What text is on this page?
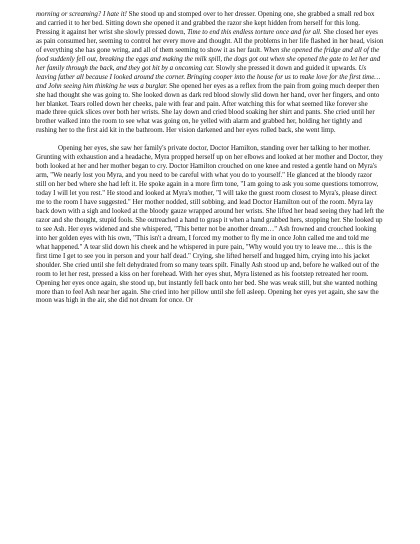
morning or screaming? I hate it! She stood up and stomped over to her dresser. Opening one, she grabbed a small red box and carried it to her bed. Sitting down she opened it and grabbed the razor she kept hidden from herself for this long. Pressing it against her wrist she slowly pressed down, Time to end this endless torture once and for all. She closed her eyes as pain consumed her, seeming to control her every move and thought. All the problems in her life flashed in her head, vision of everything she has gone wring, and all of them seeming to show it as her fault. When she opened the fridge and all of the food suddenly fell out, breaking the eggs and making the milk spill, the dogs got out when she opened the gate to let her and her family through the back, and they got hit by a oncoming car. Slowly she pressed it down and guided it upwards. Us leaving father all because I looked around the corner. Bringing cooper into the house for us to make love for the first time… and John seeing him thinking he was a burglar. She opened her eyes as a reflex from the pain from going much deeper then she had thought she was going to. She looked down as dark red blood slowly slid down her hand, over her fingers, and onto her blanket. Tears rolled down her cheeks, pale with fear and pain. After watching this for what seemed like forever she made three quick slices over both her wrists. She lay down and cried blood soaking her shirt and pants. She cried until her brother walked into the room to see what was going on, he yelled with alarm and grabbed her, holding her tightly and rushing her to the first aid kit in the bathroom. Her vision darkened and her eyes rolled back, she went limp.

Opening her eyes, she saw her family's private doctor, Doctor Hamilton, standing over her talking to her mother. Grunting with exhaustion and a headache, Myra propped herself up on her elbows and looked at her mother and Doctor, they both looked at her and her mother began to cry. Doctor Hamilton crouched on one knee and rested a gentle hand on Myra's arm, "We nearly lost you Myra, and you need to be careful with what you do to yourself." He glanced at the bloody razor still on her bed where she had left it. He spoke again in a more firm tone, "I am going to ask you some questions tomorrow, today I will let you rest." He stood and looked at Myra's mother, "I will take the guest room closest to Myra's, please direct me to the room I have suggested." Her mother nodded, still sobbing, and lead Doctor Hamilton out of the room. Myra lay back down with a sigh and looked at the bloody gauze wrapped around her wrists. She lifted her head seeing they had left the razor and she thought, stupid fools. She outreached a hand to grasp it when a hand grabbed hers, stopping her. She looked up to see Ash. Her eyes widened and she whispered, "This better not be another dream…" Ash frowned and crouched looking into her golden eyes with his own, "This isn't a dream, I forced my mother to fly me in once John called me and told me what happened." A tear slid down his cheek and he whispered in pure pain, "Why would you try to leave me… this is the first time I get to see you in person and your half dead." Crying, she lifted herself and hugged him, crying into his jacket shoulder. She cried until she felt dehydrated from so many tears spilt. Finally Ash stood up and, before he walked out of the room to let her rest, pressed a kiss on her forehead. With her eyes shut, Myra listened as his footstep retreated her room. Opening her eyes once again, she stood up, but instantly fell back onto her bed. She was weak still, but she wanted nothing more than to feel Ash near her again. She cried into her pillow until she fell asleep. Opening her eyes yet again, she saw the moon was high in the air, she did not dream for once. Or
